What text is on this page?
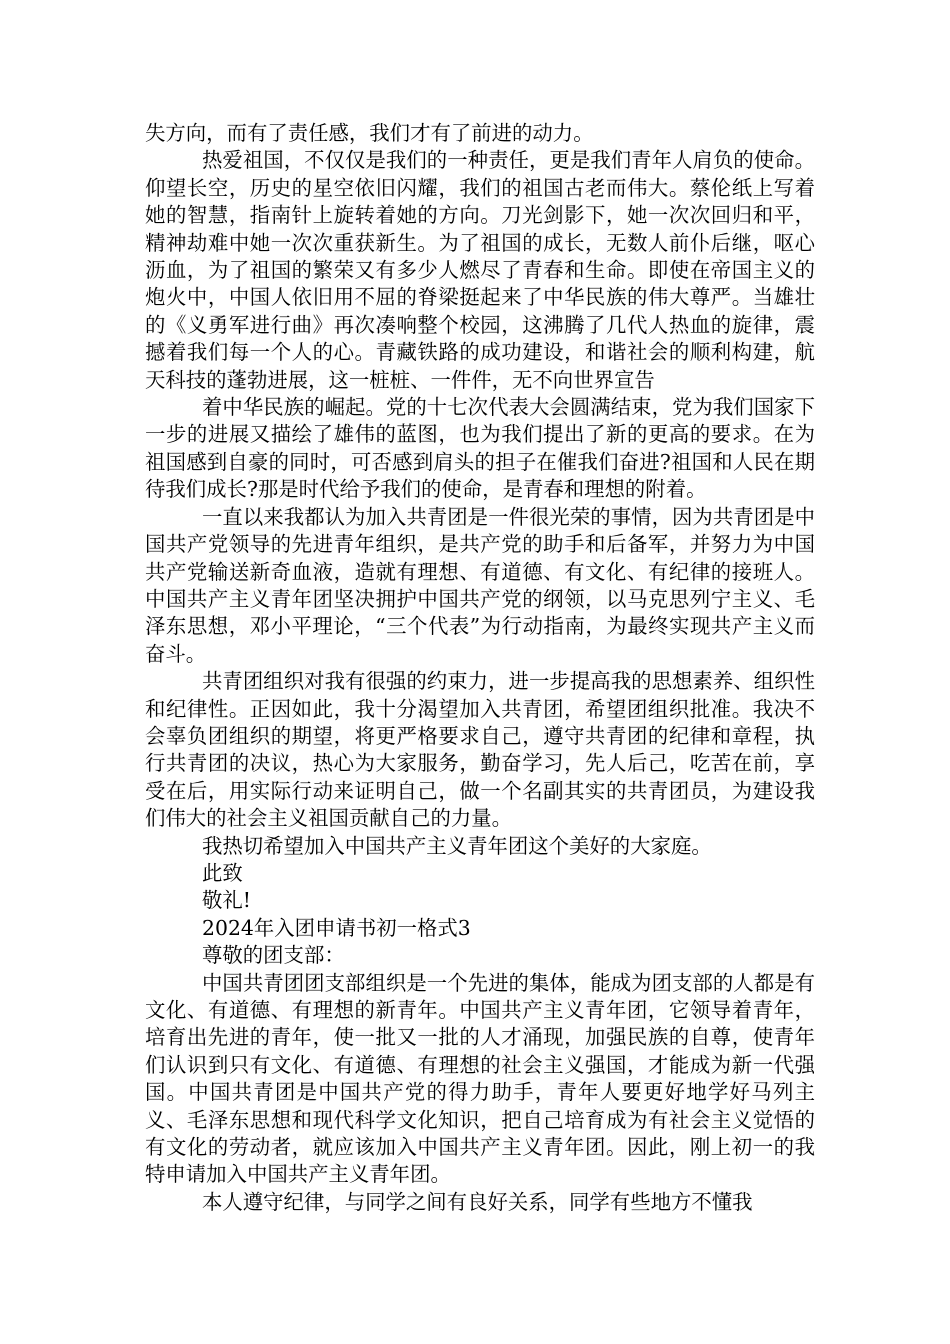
失方向，而有了责任感，我们才有了前进的动力。

热爱祖国，不仅仅是我们的一种责任，更是我们青年人肩负的使命。仰望长空，历史的星空依旧闪耀，我们的祖国古老而伟大。蔡伦纸上写着她的智慧，指南针上旋转着她的方向。刀光剑影下，她一次次回归和平，精神劫难中她一次次重获新生。为了祖国的成长，无数人前仆后继，呕心沥血，为了祖国的繁荣又有多少人燃尽了青春和生命。即使在帝国主义的炮火中，中国人依旧用不屈的脊梁挺起来了中华民族的伟大尊严。当雄壮的《义勇军进行曲》再次凑响整个校园，这沸腾了几代人热血的旋律，震撼着我们每一个人的心。青藏铁路的成功建设，和谐社会的顺利构建，航天科技的蓬勃进展，这一桩桩、一件件，无不向世界宣告

着中华民族的崛起。党的十七次代表大会圆满结束，党为我们国家下一步的进展又描绘了雄伟的蓝图，也为我们提出了新的更高的要求。在为祖国感到自豪的同时，可否感到肩头的担子在催我们奋进?祖国和人民在期待我们成长?那是时代给予我们的使命，是青春和理想的附着。

一直以来我都认为加入共青团是一件很光荣的事情，因为共青团是中国共产党领导的先进青年组织，是共产党的助手和后备军，并努力为中国共产党输送新奇血液，造就有理想、有道德、有文化、有纪律的接班人。中国共产主义青年团坚决拥护中国共产党的纲领，以马克思列宁主义、毛泽东思想，邓小平理论，“三个代表”为行动指南，为最终实现共产主义而奋斗。

共青团组织对我有很强的约束力，进一步提高我的思想素养、组织性和纪律性。正因如此，我十分渴望加入共青团，希望团组织批准。我决不会辜负团组织的期望，将更严格要求自己，遵守共青团的纪律和章程，执行共青团的决议，热心为大家服务，勤奋学习，先人后己，吃苦在前，享受在后，用实际行动来证明自己，做一个名副其实的共青团员，为建设我们伟大的社会主义祖国贡献自己的力量。

我热切希望加入中国共产主义青年团这个美好的大家庭。

此致

敬礼!

2024年入团申请书初一格式3

尊敬的团支部：

中国共青团团支部组织是一个先进的集体，能成为团支部的人都是有文化、有道德、有理想的新青年。中国共产主义青年团，它领导着青年，培育出先进的青年，使一批又一批的人才涌现，加强民族的自尊，使青年们认识到只有文化、有道德、有理想的社会主义强国，才能成为新一代强国。中国共青团是中国共产党的得力助手，青年人要更好地学好马列主义、毛泽东思想和现代科学文化知识，把自己培育成为有社会主义觉悟的有文化的劳动者，就应该加入中国共产主义青年团。因此，刚上初一的我特申请加入中国共产主义青年团。

本人遵守纪律，与同学之间有良好关系，同学有些地方不懂我
